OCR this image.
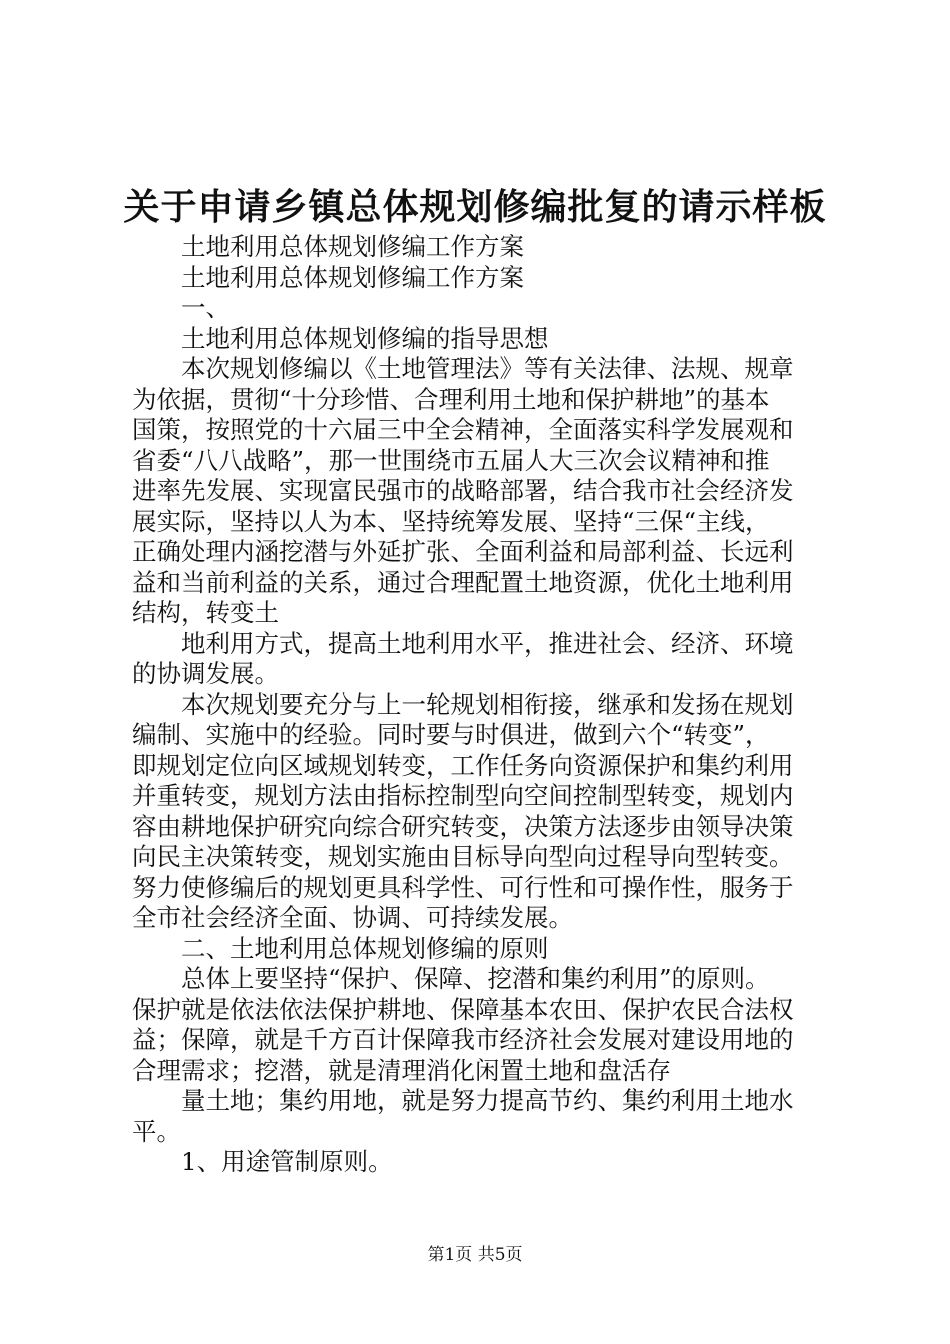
关于申请乡镇总体规划修编批复的请示样板

土地利用总体规划修编工作方案

土地利用总体规划修编工作方案

一、

土地利用总体规划修编的指导思想

本次规划修编以《土地管理法》等有关法律、法规、规章

为依据，贯彻“十分珍惜、合理利用土地和保护耕地”的基本

国策，按照党的十六届三中全会精神，全面落实科学发展观和

省委“八八战略”，那一世围绕市五届人大三次会议精神和推

进率先发展、实现富民强市的战略部署，结合我市社会经济发

展实际，坚持以人为本、坚持统筹发展、坚持“三保“主线，

正确处理内涵挖潜与外延扩张、全面利益和局部利益、长远利

益和当前利益的关系，通过合理配置土地资源，优化土地利用

结构，转变土

地利用方式，提高土地利用水平，推进社会、经济、环境

的协调发展。

本次规划要充分与上一轮规划相衔接，继承和发扬在规划

编制、实施中的经验。同时要与时俱进，做到六个“转变”，

即规划定位向区域规划转变，工作任务向资源保护和集约利用

并重转变，规划方法由指标控制型向空间控制型转变，规划内

容由耕地保护研究向综合研究转变，决策方法逐步由领导决策

向民主决策转变，规划实施由目标导向型向过程导向型转变。

努力使修编后的规划更具科学性、可行性和可操作性，服务于

全市社会经济全面、协调、可持续发展。

二、土地利用总体规划修编的原则

总体上要坚持“保护、保障、挖潜和集约利用”的原则。

保护就是依法依法保护耕地、保障基本农田、保护农民合法权

益；保障，就是千方百计保障我市经济社会发展对建设用地的

合理需求；挖潜，就是清理消化闲置土地和盘活存

量土地；集约用地，就是努力提高节约、集约利用土地水

平。

1、用途管制原则。

第1页 共5页
